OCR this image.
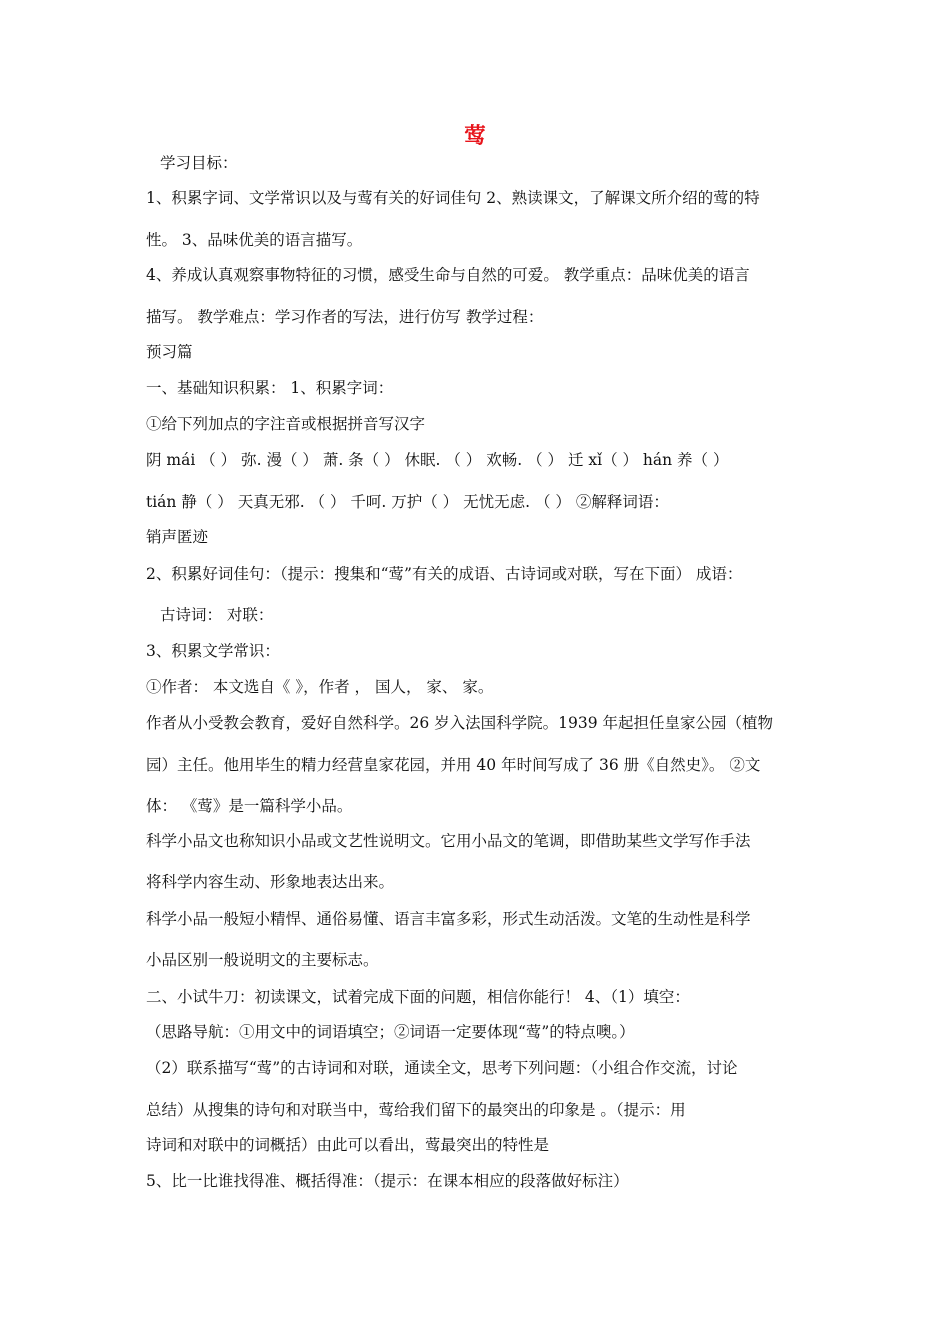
莺
学习目标：
1、积累字词、文学常识以及与莺有关的好词佳句 2、熟读课文，了解课文所介绍的莺的特
性。 3、品味优美的语言描写。
4、养成认真观察事物特征的习惯，感受生命与自然的可爱。 教学重点：品味优美的语言
描写。 教学难点：学习作者的写法，进行仿写 教学过程：
预习篇
一、基础知识积累： 1、积累字词：
①给下列加点的字注音或根据拼音写汉字
阴 mái （ ） 弥. 漫（ ） 萧. 条（ ） 休眠. （ ） 欢畅. （ ） 迁 xǐ（ ） hán 养（ ）
tián 静（ ） 天真无邪. （ ） 千呵. 万护（ ） 无忧无虑. （ ） ②解释词语：
销声匿迹
2、积累好词佳句：（提示：搜集和“莺”有关的成语、古诗词或对联，写在下面） 成语：
古诗词： 对联：
3、积累文学常识：
①作者： 本文选自《 》，作者 ， 国人， 家、 家。
作者从小受教会教育，爱好自然科学。26 岁入法国科学院。1939 年起担任皇家公园（植物
园）主任。他用毕生的精力经营皇家花园，并用 40 年时间写成了 36 册《自然史》。 ②文
体： 《莺》是一篇科学小品。
科学小品文也称知识小品或文艺性说明文。它用小品文的笔调，即借助某些文学写作手法
将科学内容生动、形象地表达出来。
科学小品一般短小精悍、通俗易懂、语言丰富多彩，形式生动活泼。文笔的生动性是科学
小品区别一般说明文的主要标志。
二、小试牛刀：初读课文，试着完成下面的问题，相信你能行！ 4、（1）填空：
（思路导航：①用文中的词语填空；②词语一定要体现“莺”的特点噢。）
（2）联系描写“莺”的古诗词和对联，通读全文，思考下列问题：（小组合作交流，讨论
总结）从搜集的诗句和对联当中，莺给我们留下的最突出的印象是 。（提示：用
诗词和对联中的词概括）由此可以看出，莺最突出的特性是
5、比一比谁找得准、概括得准：（提示：在课本相应的段落做好标注）
